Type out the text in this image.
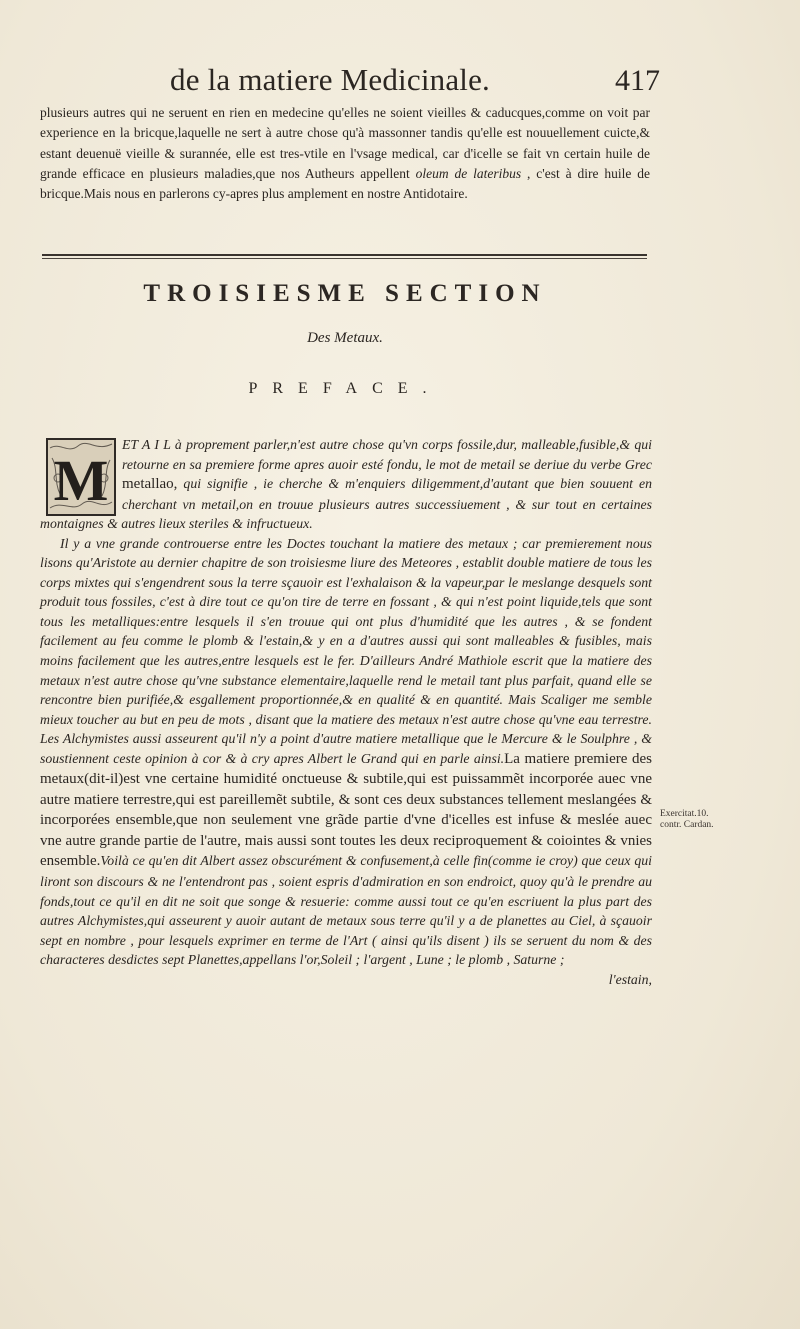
de la matiere Medicinale.	417
plusieurs autres qui ne seruent en rien en medecine qu'elles ne soient vieilles & caducques,comme on voit par experience en la bricque,laquelle ne sert à autre chose qu'à massonner tandis qu'elle est nouuellement cuicte,& estant deuenuë vieille & surannée, elle est tres-vtile en l'vsage medical, car d'icelle se fait vn certain huile de grande efficace en plusieurs maladies,que nos Autheurs appellent oleum de lateribus , c'est à dire huile de bricque.Mais nous en parlerons cy-apres plus amplement en nostre Antidotaire.
TROISIESME SECTION
Des Metaux.
PREFACE.
M

ET A I L à proprement parler,n'est autre chose qu'vn corps fossile,dur, malleable,fusible,& qui retourne en sa premiere forme apres auoir esté fondu, le mot de metail se deriue du verbe Grec metallao, qui signifie , ie cherche & m'enquiers diligemment,d'autant que bien souuent en cherchant vn metail,on en trouue plusieurs autres successiuement , & sur tout en certaines montaignes & autres lieux steriles & infructueux.

Il y a vne grande controuerse entre les Doctes touchant la matiere des metaux ; car premierement nous lisons qu'Aristote au dernier chapitre de son troisiesme liure des Meteores , establit double matiere de tous les corps mixtes qui s'engendrent sous la terre sçauoir est l'exhalaison & la vapeur,par le meslange desquels sont produit tous fossiles, c'est à dire tout ce qu'on tire de terre en fossant , & qui n'est point liquide,tels que sont tous les metalliques:entre lesquels il s'en trouue qui ont plus d'humidité que les autres , & se fondent facilement au feu comme le plomb & l'estain,& y en a d'autres aussi qui sont malleables & fusibles, mais moins facilement que les autres,entre lesquels est le fer. D'ailleurs André Mathiole escrit que la matiere des metaux n'est autre chose qu'vne substance elementaire,laquelle rend le metail tant plus parfait, quand elle se rencontre bien purifiée,& esgallement proportionnée,& en qualité & en quantité. Mais Scaliger me semble mieux toucher au but en peu de mots , disant que la matiere des metaux n'est autre chose qu'vne eau terrestre. Les Alchymistes aussi asseurent qu'il n'y a point d'autre matiere metallique que le Mercure & le Soulphre , & soustiennent ceste opinion à cor & à cry apres Albert le Grand qui en parle ainsi.La matiere premiere des metaux(dit-il)est vne certaine humidité onctueuse & subtile,qui est puissammẽt incorporée auec vne autre matiere terrestre,qui est pareillemẽt subtile, & sont ces deux substances tellement meslangées & incorporées ensemble,que non seulement vne grãde partie d'vne d'icelles est infuse & meslée auec vne autre grande partie de l'autre, mais aussi sont toutes les deux reciproquement & coiointes & vnies ensemble.Voilà ce qu'en dit Albert assez obscurément & confusement,à celle fin(comme ie croy) que ceux qui liront son discours & ne l'entendront pas , soient espris d'admiration en son endroict, quoy qu'à le prendre au fonds,tout ce qu'il en dit ne soit que songe & resuerie: comme aussi tout ce qu'en escriuent la plus part des autres Alchymistes,qui asseurent y auoir autant de metaux sous terre qu'il y a de planettes au Ciel, à sçauoir sept en nombre , pour lesquels exprimer en terme de l'Art ( ainsi qu'ils disent ) ils se seruent du nom & des characteres desdictes sept Planettes,appellans l'or,Soleil ; l'argent , Lune ; le plomb , Saturne ;

l'estain,

Exercitat.10.
contr. Cardan.
